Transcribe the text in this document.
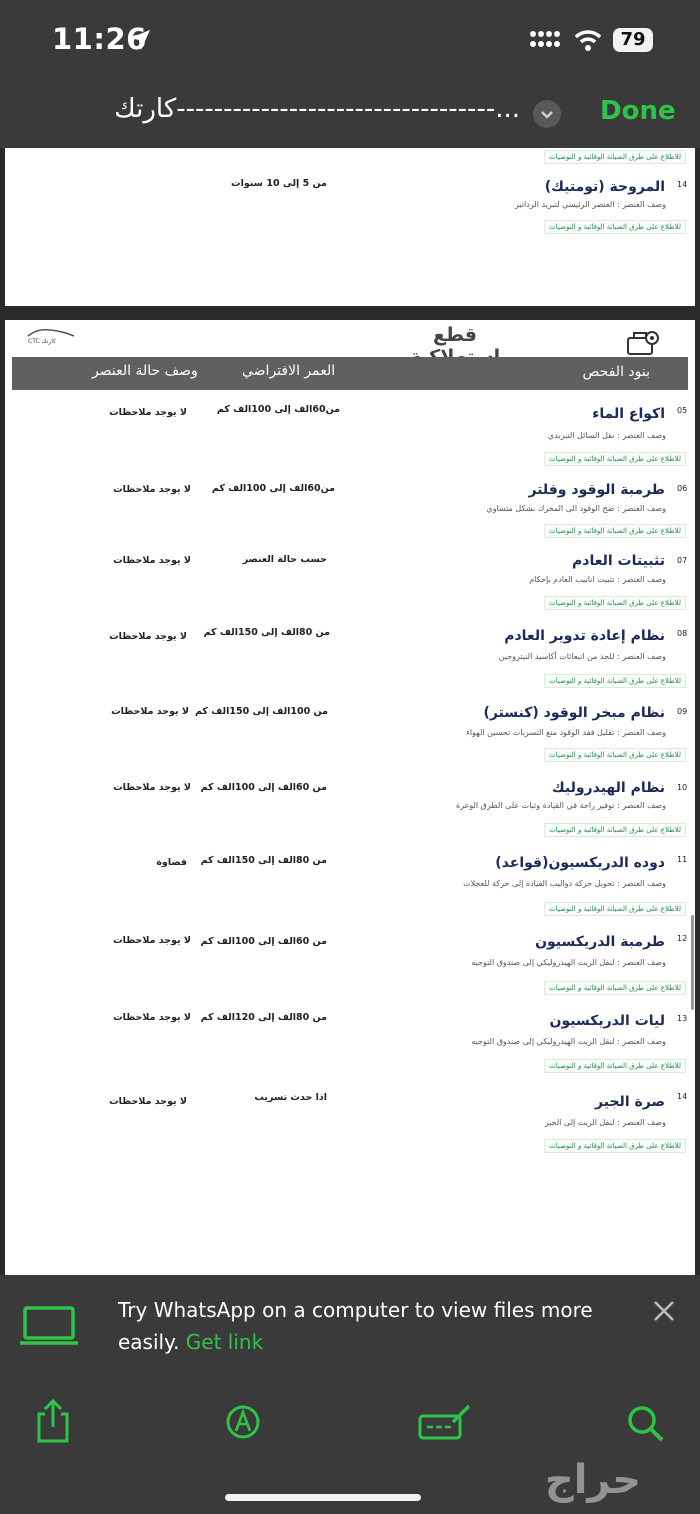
11:26	79
...----------------------------------كارتك	Done
للاطلاع على طرق الصيانة الوقائية و التوصيات
14
المروحة (تومتيك)
وصف العنصر : العنصر الرئيسي لتبريد الرداتير
من 5 إلى 10 سنوات
للاطلاع على طرق الصيانة الوقائية و التوصيات
CTC كارتك	قطع
بنود الفحص
العمر الافتراضي
وصف حالة العنصر
05
اكواع الماء
وصف العنصر : نقل السائل التبريدي
من60الف إلى 100الف كم
لا يوجد ملاحظات
للاطلاع على طرق الصيانة الوقائية و التوصيات
06
طرمبة الوقود وفلتر
وصف العنصر : ضخ الوقود الى المحرك بشكل متساوي
من60الف إلى 100الف كم
لا يوجد ملاحظات
للاطلاع على طرق الصيانة الوقائية و التوصيات
07
تثبيتات العادم
وصف العنصر : تثبيت انابيب العادم بإحكام
حسب حالة العنصر
لا يوجد ملاحظات
للاطلاع على طرق الصيانة الوقائية و التوصيات
08
نظام إعادة تدوير العادم
وصف العنصر : للحد من انبعاثات أكاسيد النيتروجين
من 80الف إلى 150الف كم
لا يوجد ملاحظات
للاطلاع على طرق الصيانة الوقائية و التوصيات
09
نظام مبخر الوقود (كنستر)
وصف العنصر : تقليل فقد الوقود منع التسربات تحسين الهواء
من 100الف إلى 150الف كم
لا يوجد ملاحظات
للاطلاع على طرق الصيانة الوقائية و التوصيات
10
نظام الهيدروليك
وصف العنصر : توفير راحة في القيادة وثبات على الطرق الوعرة
من 60الف إلى 100الف كم
لا يوجد ملاحظات
للاطلاع على طرق الصيانة الوقائية و التوصيات
11
دوده الدريكسيون(قواعد)
وصف العنصر : تحويل حركة دواليب القيادة إلى حركة للعجلات
من 80الف إلى 150الف كم
فضاوة
للاطلاع على طرق الصيانة الوقائية و التوصيات
12
طرمبة الدريكسيون
وصف العنصر : لنقل الزيت الهيدروليكي إلى صندوق التوجيه
من 60الف إلى 100الف كم
لا يوجد ملاحظات
للاطلاع على طرق الصيانة الوقائية و التوصيات
13
ليات الدريكسيون
وصف العنصر : لنقل الزيت الهيدروليكي إلى صندوق التوجيه
من 80الف إلى 120الف كم
لا يوجد ملاحظات
للاطلاع على طرق الصيانة الوقائية و التوصيات
14
صرة الجير
وصف العنصر : لنقل الزيت إلى الجير
اذا حدث تسريب
لا يوجد ملاحظات
للاطلاع على طرق الصيانة الوقائية و التوصيات
Try WhatsApp on a computer to view files more easily. Get link
حراج
